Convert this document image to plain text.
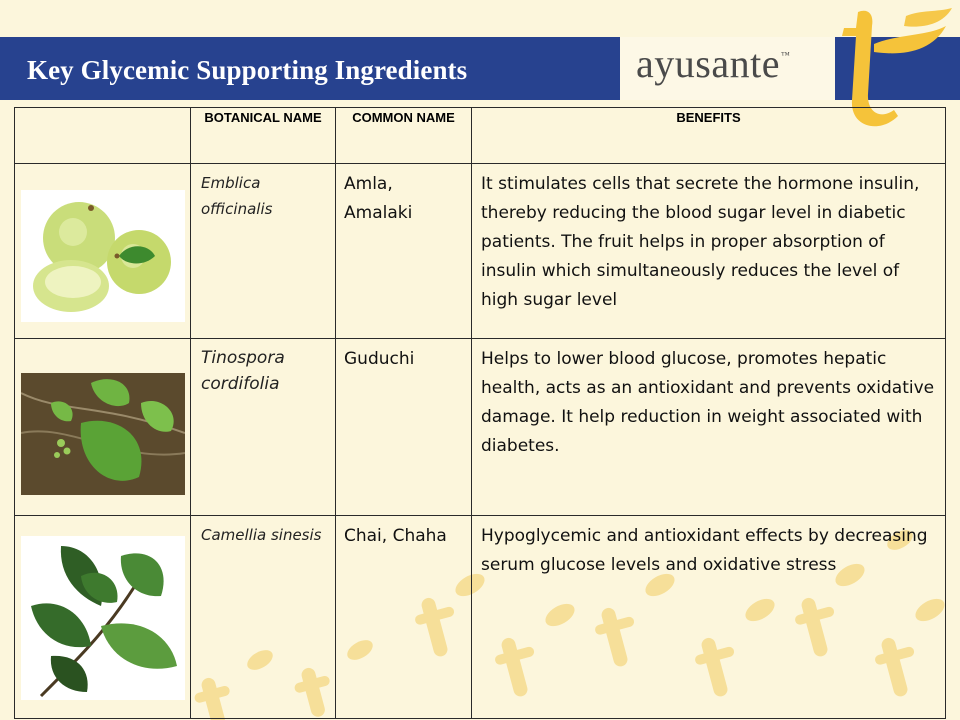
Key Glycemic Supporting Ingredients	ayusante™
	BOTANICAL NAME	COMMON NAME	BENEFITS

	Emblica officinalis	Amla, Amalaki	It stimulates cells that secrete the hormone insulin, thereby reducing the blood sugar level in diabetic patients. The fruit helps in proper absorption of insulin which simultaneously reduces the level of high sugar level

	Tinospora cordifolia	Guduchi	Helps to lower blood glucose, promotes hepatic health, acts as an antioxidant and prevents oxidative damage. It help reduction in weight associated with diabetes.

	Camellia sinesis	Chai, Chaha	Hypoglycemic and antioxidant effects by decreasing serum glucose levels and oxidative stress
